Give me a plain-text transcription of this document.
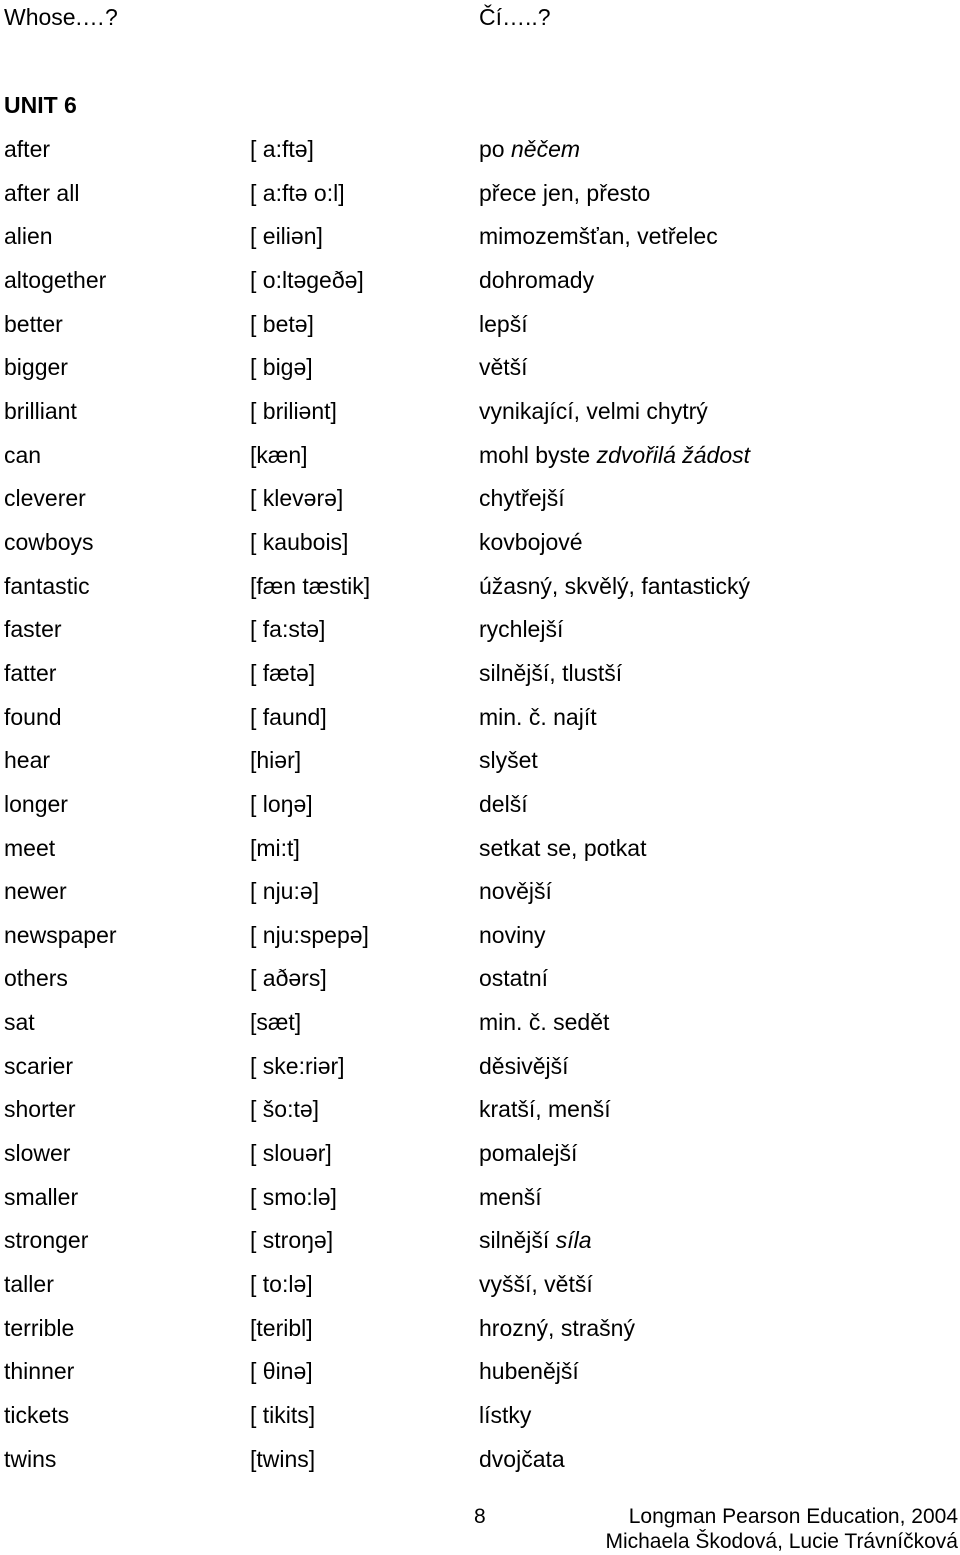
Whose.…?	Čí…..?
UNIT 6
after	[ a:ftə]	po něčem
after all	[ a:ftə o:l]	přece jen, přesto
alien	[ eiliən]	mimozemšťan, vetřelec
altogether	[ o:ltəgeðə]	dohromady
better	[ betə]	lepší
bigger	[ bigə]	větší
brilliant	[ briliənt]	vynikající, velmi chytrý
can	[kæn]	mohl byste zdvořilá žádost
cleverer	[ klevərə]	chytřejší
cowboys	[ kaubois]	kovbojové
fantastic	[fæn tæstik]	úžasný, skvělý, fantastický
faster	[ fa:stə]	rychlejší
fatter	[ fætə]	silnější, tlustší
found	[ faund]	min. č. najít
hear	[hiər]	slyšet
longer	[ loŋə]	delší
meet	[mi:t]	setkat se, potkat
newer	[ nju:ə]	novější
newspaper	[ nju:spepə]	noviny
others	[ aðərs]	ostatní
sat	[sæt]	min. č. sedět
scarier	[ ske:riər]	děsivější
shorter	[ šo:tə]	kratší, menší
slower	[ slouər]	pomalejší
smaller	[ smo:lə]	menší
stronger	[ stroŋə]	silnější síla
taller	[ to:lə]	vyšší, větší
terrible	[teribl]	hrozný, strašný
thinner	[ θinə]	hubenější
tickets	[ tikits]	lístky
twins	[twins]	dvojčata
8	Longman Pearson Education, 2004
Michaela Škodová, Lucie Trávníčková
